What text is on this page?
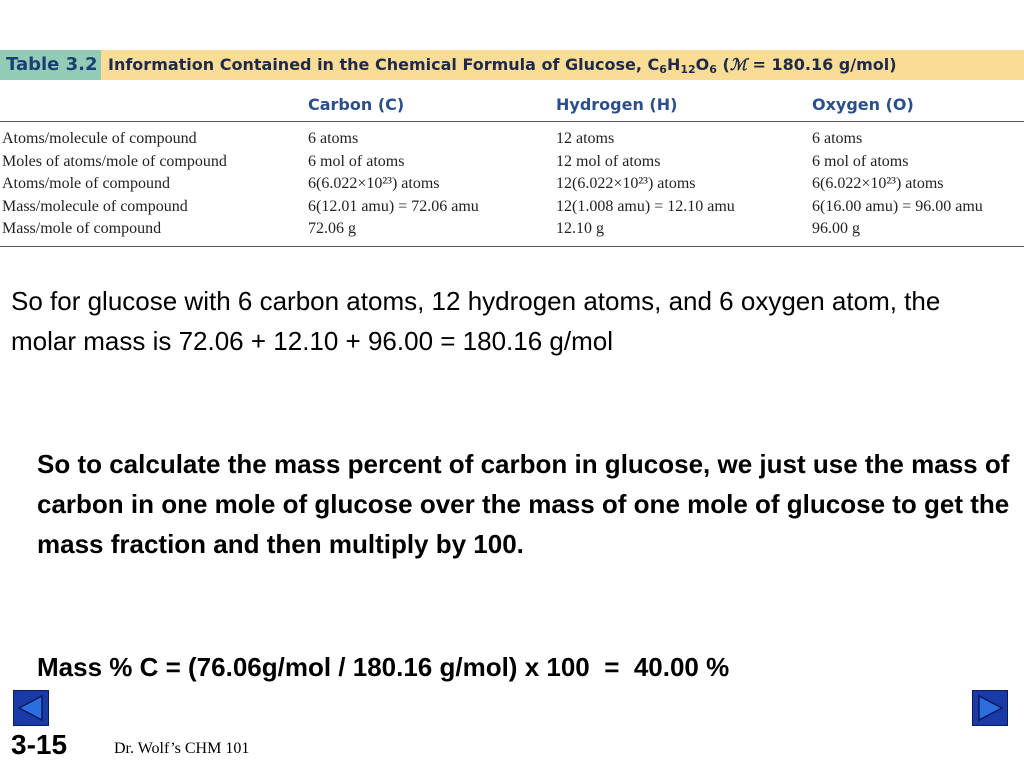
Table 3.2 Information Contained in the Chemical Formula of Glucose, $C_6H_{12}O_6$ (ℳ = 180.16 g/mol)
Carbon (C)	Hydrogen (H)	Oxygen (O)
Atoms/molecule of compound	6 atoms	12 atoms	6 atoms
Moles of atoms/mole of compound	6 mol of atoms	12 mol of atoms	6 mol of atoms
Atoms/mole of compound	6(6.022×10²³) atoms	12(6.022×10²³) atoms	6(6.022×10²³) atoms
Mass/molecule of compound	6(12.01 amu) = 72.06 amu	12(1.008 amu) = 12.10 amu	6(16.00 amu) = 96.00 amu
Mass/mole of compound	72.06 g	12.10 g	96.00 g
So for glucose with 6 carbon atoms, 12 hydrogen atoms, and 6 oxygen atom, the molar mass is 72.06 + 12.10 + 96.00 = 180.16 g/mol
So to calculate the mass percent of carbon in glucose, we just use the mass of carbon in one mole of glucose over the mass of one mole of glucose to get the mass fraction and then multiply by 100.
Mass % C = (76.06g/mol / 180.16 g/mol) x 100  =  40.00 %
3-15	Dr. Wolf’s CHM 101
